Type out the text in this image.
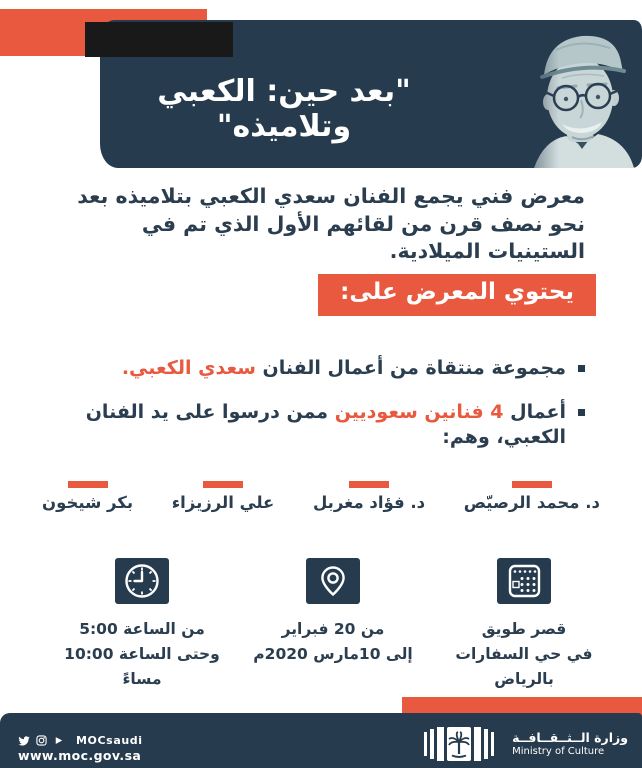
"بعد حين: الكعبي وتلاميذه"
معرض فني يجمع الفنان سعدي الكعبي بتلاميذه بعد نحو نصف قرن من لقائهم الأول الذي تم في الستينيات الميلادية.
يحتوي المعرض على:
مجموعة منتقاة من أعمال الفنان سعدي الكعبي.
أعمال 4 فنانين سعوديين ممن درسوا على يد الفنان الكعبي، وهم:
د. محمد الرصيّص
د. فؤاد مغربل
علي الرزيزاء
بكر شيخون
قصر طويق
في حي السفارات بالرياض
من 20 فبراير
إلى 10مارس 2020م
من الساعة 5:00
وحتى الساعة 10:00 مساءً
MOCsaudi
www.moc.gov.sa
وزارة الــثــقــافــة
Ministry of Culture
